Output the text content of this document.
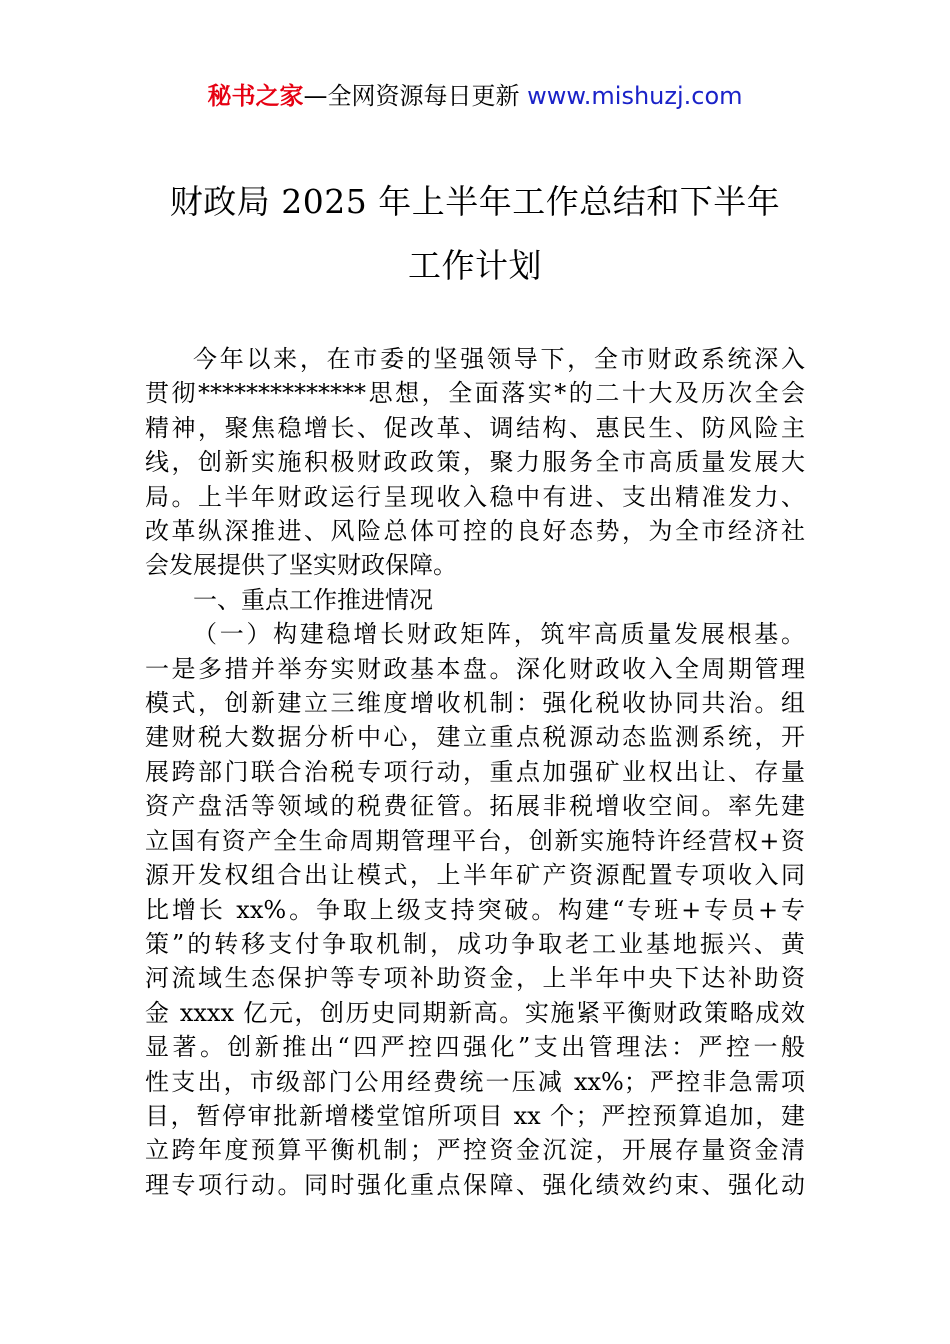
秘书之家—全网资源每日更新 www.mishuzj.com
财政局 2025 年上半年工作总结和下半年
工作计划
今年以来，在市委的坚强领导下，全市财政系统深入
贯彻**************思想，全面落实*的二十大及历次全会
精神，聚焦稳增长、促改革、调结构、惠民生、防风险主
线，创新实施积极财政政策，聚力服务全市高质量发展大
局。上半年财政运行呈现收入稳中有进、支出精准发力、
改革纵深推进、风险总体可控的良好态势，为全市经济社
会发展提供了坚实财政保障。
一、重点工作推进情况
（一）构建稳增长财政矩阵，筑牢高质量发展根基。
一是多措并举夯实财政基本盘。深化财政收入全周期管理
模式，创新建立三维度增收机制：强化税收协同共治。组
建财税大数据分析中心，建立重点税源动态监测系统，开
展跨部门联合治税专项行动，重点加强矿业权出让、存量
资产盘活等领域的税费征管。拓展非税增收空间。率先建
立国有资产全生命周期管理平台，创新实施特许经营权+资
源开发权组合出让模式，上半年矿产资源配置专项收入同
比增长 xx%。争取上级支持突破。构建“专班+专员+专
策”的转移支付争取机制，成功争取老工业基地振兴、黄
河流域生态保护等专项补助资金，上半年中央下达补助资
金 xxxx 亿元，创历史同期新高。实施紧平衡财政策略成效
显著。创新推出“四严控四强化”支出管理法：严控一般
性支出，市级部门公用经费统一压减 xx%；严控非急需项
目，暂停审批新增楼堂馆所项目 xx 个；严控预算追加，建
立跨年度预算平衡机制；严控资金沉淀，开展存量资金清
理专项行动。同时强化重点保障、强化绩效约束、强化动
